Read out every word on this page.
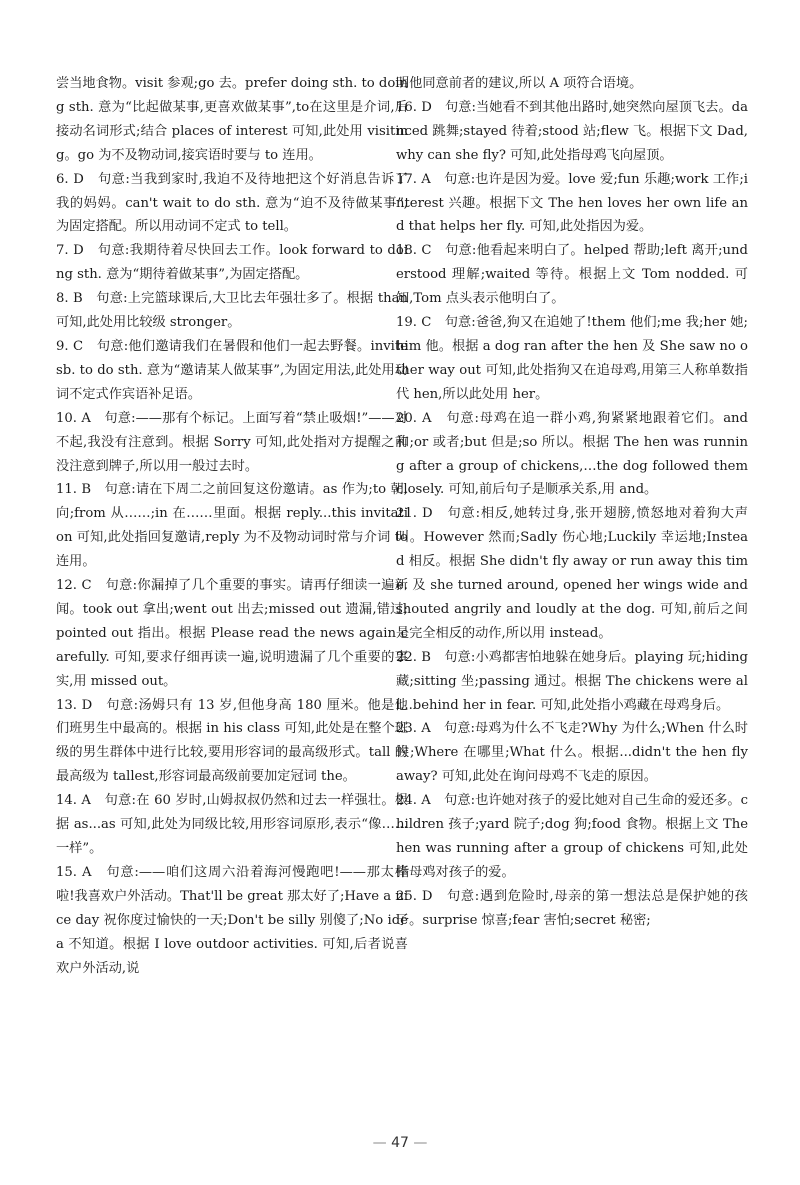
尝当地食物。visit 参观;go 去。prefer doing sth. to doing sth. 意为“比起做某事,更喜欢做某事”,to在这里是介词,后接动名词形式;结合 places of interest 可知,此处用 visiting。go 为不及物动词,接宾语时要与 to 连用。

6. D　句意:当我到家时,我迫不及待地把这个好消息告诉了我的妈妈。can't wait to do sth. 意为“迫不及待做某事”,为固定搭配。所以用动词不定式 to tell。

7. D　句意:我期待着尽快回去工作。look forward to doing sth. 意为“期待着做某事”,为固定搭配。

8. B　句意:上完篮球课后,大卫比去年强壮多了。根据 than 可知,此处用比较级 stronger。

9. C　句意:他们邀请我们在暑假和他们一起去野餐。invite sb. to do sth. 意为“邀请某人做某事”,为固定用法,此处用动词不定式作宾语补足语。

10. A　句意:——那有个标记。上面写着“禁止吸烟!”——对不起,我没有注意到。根据 Sorry 可知,此处指对方提醒之前没注意到牌子,所以用一般过去时。

11. B　句意:请在下周二之前回复这份邀请。as 作为;to 朝,向;from 从……;in 在……里面。根据 reply...this invitation 可知,此处指回复邀请,reply 为不及物动词时常与介词 to 连用。

12. C　句意:你漏掉了几个重要的事实。请再仔细读一遍新闻。took out 拿出;went out 出去;missed out 遗漏,错过;pointed out 指出。根据 Please read the news again carefully. 可知,要求仔细再读一遍,说明遗漏了几个重要的事实,用 missed out。

13. D　句意:汤姆只有 13 岁,但他身高 180 厘米。他是他们班男生中最高的。根据 in his class 可知,此处是在整个班级的男生群体中进行比较,要用形容词的最高级形式。tall 的最高级为 tallest,形容词最高级前要加定冠词 the。

14. A　句意:在 60 岁时,山姆叔叔仍然和过去一样强壮。根据 as...as 可知,此处为同级比较,用形容词原形,表示“像……一样”。

15. A　句意:——咱们这周六沿着海河慢跑吧!——那太棒啦!我喜欢户外活动。That'll be great 那太好了;Have a nice day 祝你度过愉快的一天;Don't be silly 别傻了;No idea 不知道。根据 I love outdoor activities. 可知,后者说喜欢户外活动,说

明他同意前者的建议,所以 A 项符合语境。

16. D　句意:当她看不到其他出路时,她突然向屋顶飞去。danced 跳舞;stayed 待着;stood 站;flew 飞。根据下文 Dad, why can she fly? 可知,此处指母鸡飞向屋顶。

17. A　句意:也许是因为爱。love 爱;fun 乐趣;work 工作;interest 兴趣。根据下文 The hen loves her own life and that helps her fly. 可知,此处指因为爱。

18. C　句意:他看起来明白了。helped 帮助;left 离开;understood 理解;waited 等待。根据上文 Tom nodded. 可知,Tom 点头表示他明白了。

19. C　句意:爸爸,狗又在追她了!them 他们;me 我;her 她;him 他。根据 a dog ran after the hen 及 She saw no other way out 可知,此处指狗又在追母鸡,用第三人称单数指代 hen,所以此处用 her。

20. A　句意:母鸡在追一群小鸡,狗紧紧地跟着它们。and 和;or 或者;but 但是;so 所以。根据 The hen was running after a group of chickens,…the dog followed them closely. 可知,前后句子是顺承关系,用 and。

21. D　句意:相反,她转过身,张开翅膀,愤怒地对着狗大声叫。However 然而;Sadly 伤心地;Luckily 幸运地;Instead 相反。根据 She didn't fly away or run away this time. 及 she turned around, opened her wings wide and shouted angrily and loudly at the dog. 可知,前后之间是完全相反的动作,所以用 instead。

22. B　句意:小鸡都害怕地躲在她身后。playing 玩;hiding 藏;sitting 坐;passing 通过。根据 The chickens were all...behind her in fear. 可知,此处指小鸡藏在母鸡身后。

23. A　句意:母鸡为什么不飞走?Why 为什么;When 什么时候;Where 在哪里;What 什么。根据...didn't the hen fly away? 可知,此处在询问母鸡不飞走的原因。

24. A　句意:也许她对孩子的爱比她对自己生命的爱还多。children 孩子;yard 院子;dog 狗;food 食物。根据上文 The hen was running after a group of chickens 可知,此处指母鸡对孩子的爱。

25. D　句意:遇到危险时,母亲的第一想法总是保护她的孩子。surprise 惊喜;fear 害怕;secret 秘密;

— 47 —
